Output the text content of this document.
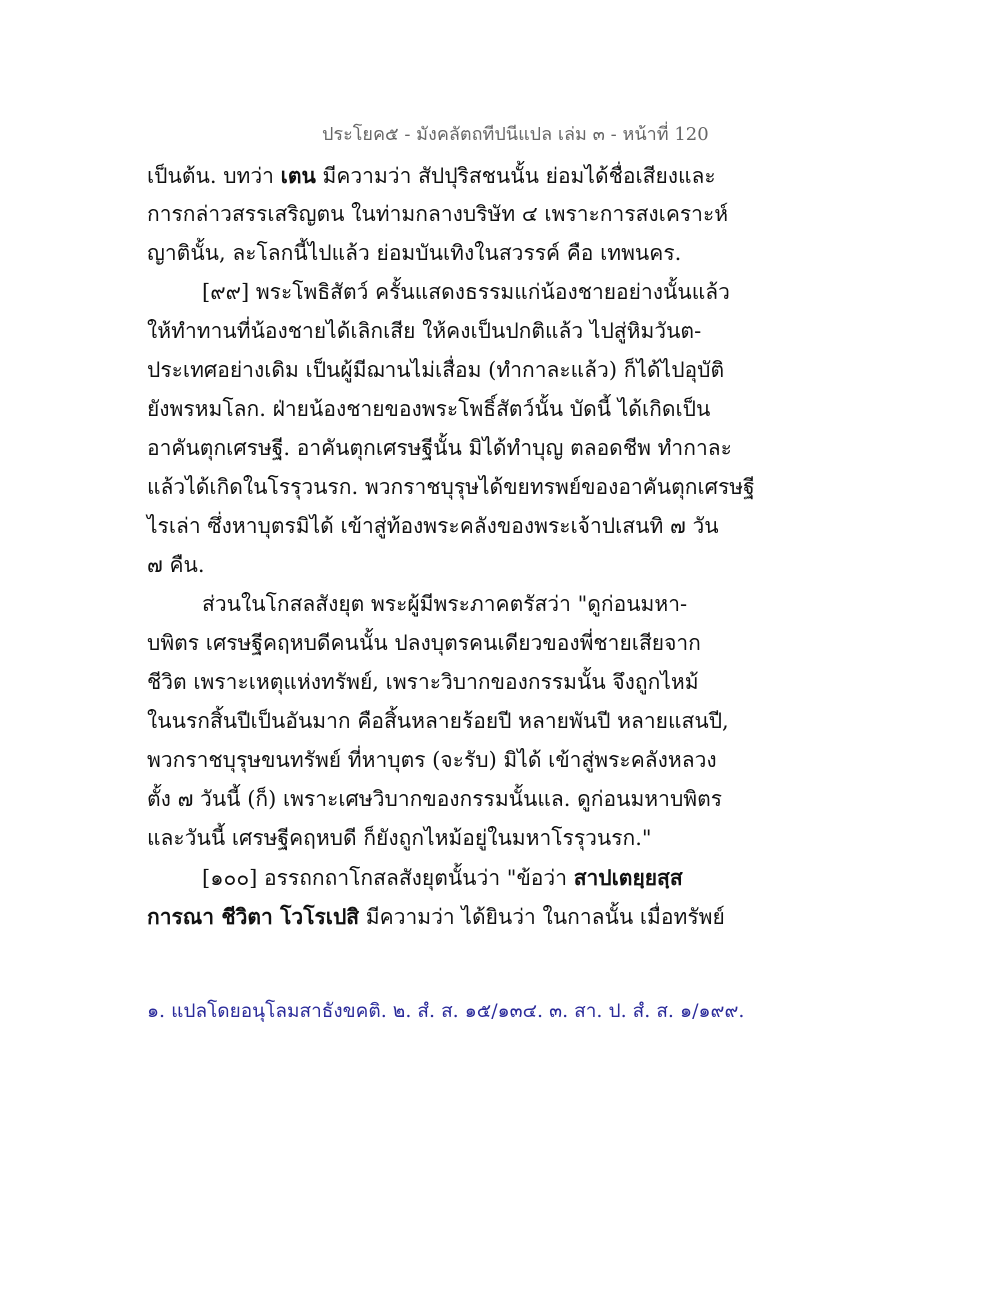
ประโยค๕ - มังคลัตถทีปนีแปล เล่ม ๓ - หน้าที่ 120
เป็นต้น. บทว่า เตน มีความว่า สัปปุริสชนนั้น ย่อมได้ชื่อเสียงและ
การกล่าวสรรเสริญตน ในท่ามกลางบริษัท ๔ เพราะการสงเคราะห์
ญาตินั้น, ละโลกนี้ไปแล้ว ย่อมบันเทิงในสวรรค์ คือ เทพนคร.
[๙๙] พระโพธิสัตว์ ครั้นแสดงธรรมแก่น้องชายอย่างนั้นแล้ว
ให้ทำทานที่น้องชายได้เลิกเสีย ให้คงเป็นปกติแล้ว ไปสู่หิมวันต-
ประเทศอย่างเดิม เป็นผู้มีฌานไม่เสื่อม (ทำกาละแล้ว) ก็ได้ไปอุบัติ
ยังพรหมโลก. ฝ่ายน้องชายของพระโพธิ์สัตว์นั้น บัดนี้ ได้เกิดเป็น
อาคันตุกเศรษฐี. อาคันตุกเศรษฐีนั้น มิได้ทำบุญ ตลอดชีพ ทำกาละ
แล้วได้เกิดในโรรุวนรก. พวกราชบุรุษได้ขยทรพย์ของอาคันตุกเศรษฐี
ไรเล่า ซึ่งหาบุตรมิได้ เข้าสู่ท้องพระคลังของพระเจ้าปเสนทิ ๗ วัน
๗ คืน.
ส่วนในโกสลสังยุต พระผู้มีพระภาคตรัสว่า "ดูก่อนมหา-
บพิตร เศรษฐีคฤหบดีคนนั้น ปลงบุตรคนเดียวของพี่ชายเสียจาก
ชีวิต เพราะเหตุแห่งทรัพย์, เพราะวิบากของกรรมนั้น จึงถูกไหม้
ในนรกสิ้นปีเป็นอันมาก คือสิ้นหลายร้อยปี หลายพันปี หลายแสนปี,
พวกราชบุรุษขนทรัพย์ ที่หาบุตร (จะรับ) มิได้ เข้าสู่พระคลังหลวง
ตั้ง ๗ วันนี้ (ก็) เพราะเศษวิบากของกรรมนั้นแล. ดูก่อนมหาบพิตร
และวันนี้ เศรษฐีคฤหบดี ก็ยังถูกไหม้อยู่ในมหาโรรุวนรก."
[๑๐๐] อรรถกถาโกสลสังยุตนั้นว่า "ข้อว่า สาปเตยฺยสฺส
การณา ชีวิตา โวโรเปสิ มีความว่า ได้ยินว่า ในกาลนั้น เมื่อทรัพย์
๑. แปลโดยอนุโลมสาธังขคติ. ๒. สํ. ส. ๑๕/๑๓๔. ๓. สา. ป. สํ. ส. ๑/๑๙๙.
